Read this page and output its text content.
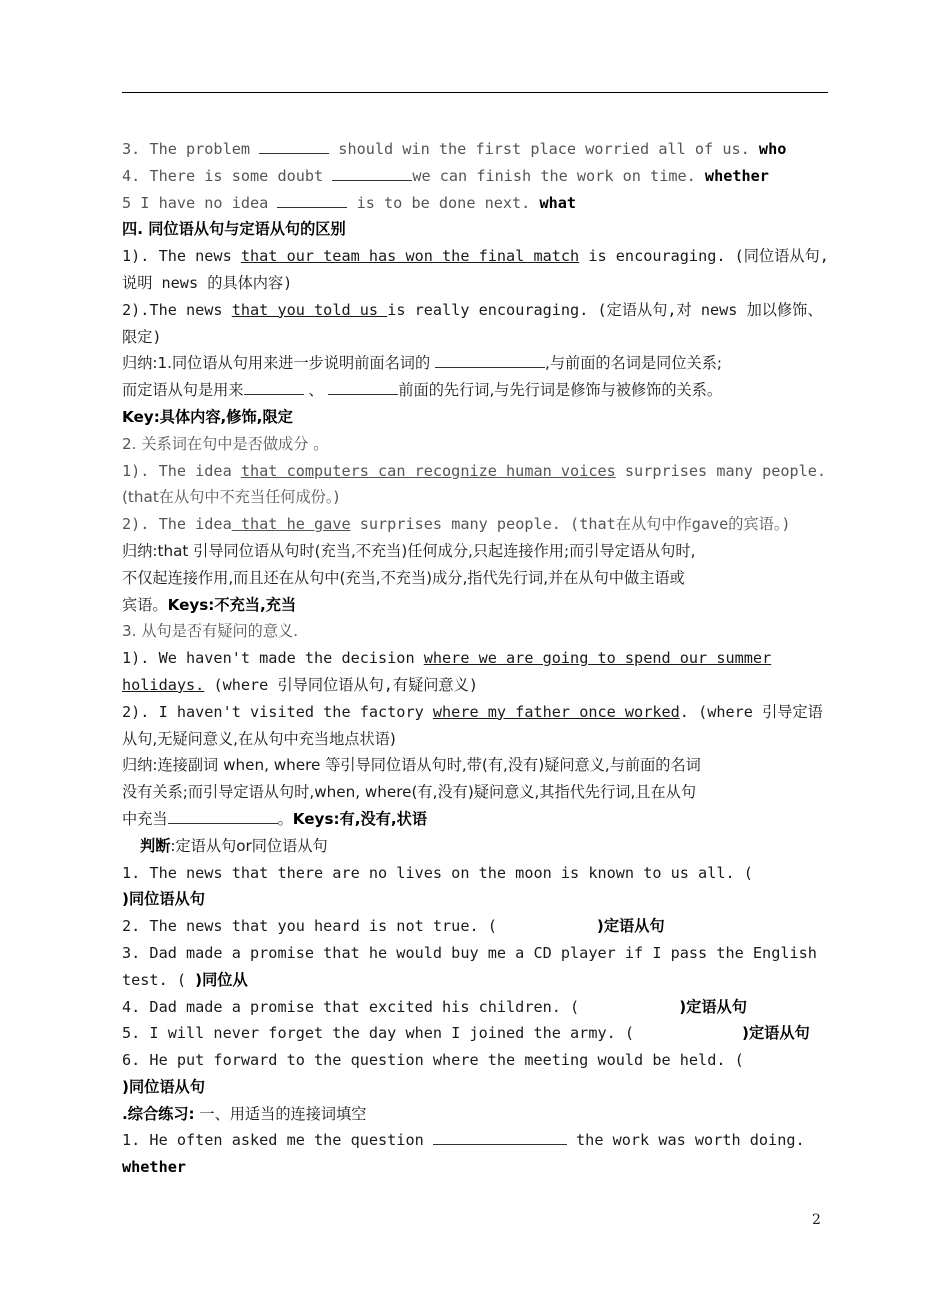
3. The problem	should win the first place worried all of us. who
4. There is some doubt	we can finish the work on time. whether
5 I have no idea	is to be done next. what
四. 同位语从句与定语从句的区别
1). The news that our team has won the final match is encouraging. (同位语从句,
说明 news 的具体内容)
2).The news that you told us is really encouraging. (定语从句,对 news 加以修饰、
限定)
归纳:1.同位语从句用来进一步说明前面名词的	,与前面的名词是同位关系;
而定语从句是用来	、	前面的先行词,与先行词是修饰与被修饰的关系。
Key:具体内容,修饰,限定
2. 关系词在句中是否做成分 。
1). The idea that computers can recognize human voices surprises many people.
(that在从句中不充当任何成份。)
2). The idea that he gave surprises many people. (that在从句中作gave的宾语。)
归纳:that 引导同位语从句时(充当,不充当)任何成分,只起连接作用;而引导定语从句时,
不仅起连接作用,而且还在从句中(充当,不充当)成分,指代先行词,并在从句中做主语或
宾语。Keys:不充当,充当
3. 从句是否有疑问的意义.
1). We haven't made the decision where we are going to spend our summer
holidays. (where 引导同位语从句,有疑问意义)
2). I haven't visited the factory where my father once worked. (where 引导定语
从句,无疑问意义,在从句中充当地点状语)
归纳:连接副词 when, where 等引导同位语从句时,带(有,没有)疑问意义,与前面的名词
没有关系;而引导定语从句时,when, where(有,没有)疑问意义,其指代先行词,且在从句
中充当	。Keys:有,没有,状语
判断:定语从句or同位语从句
1. The news that there are no lives on the moon is known to us all. (
)同位语从句
2. The news that you heard is not true. (	)定语从句
3. Dad made a promise that he would buy me a CD player if I pass the English
test. ( )同位从
4. Dad made a promise that excited his children. (	)定语从句
5. I will never forget the day when I joined the army. (	)定语从句
6. He put forward to the question where the meeting would be held. (
)同位语从句
.综合练习: 一、用适当的连接词填空
1. He often asked me the question	the work was worth doing.
whether
2
